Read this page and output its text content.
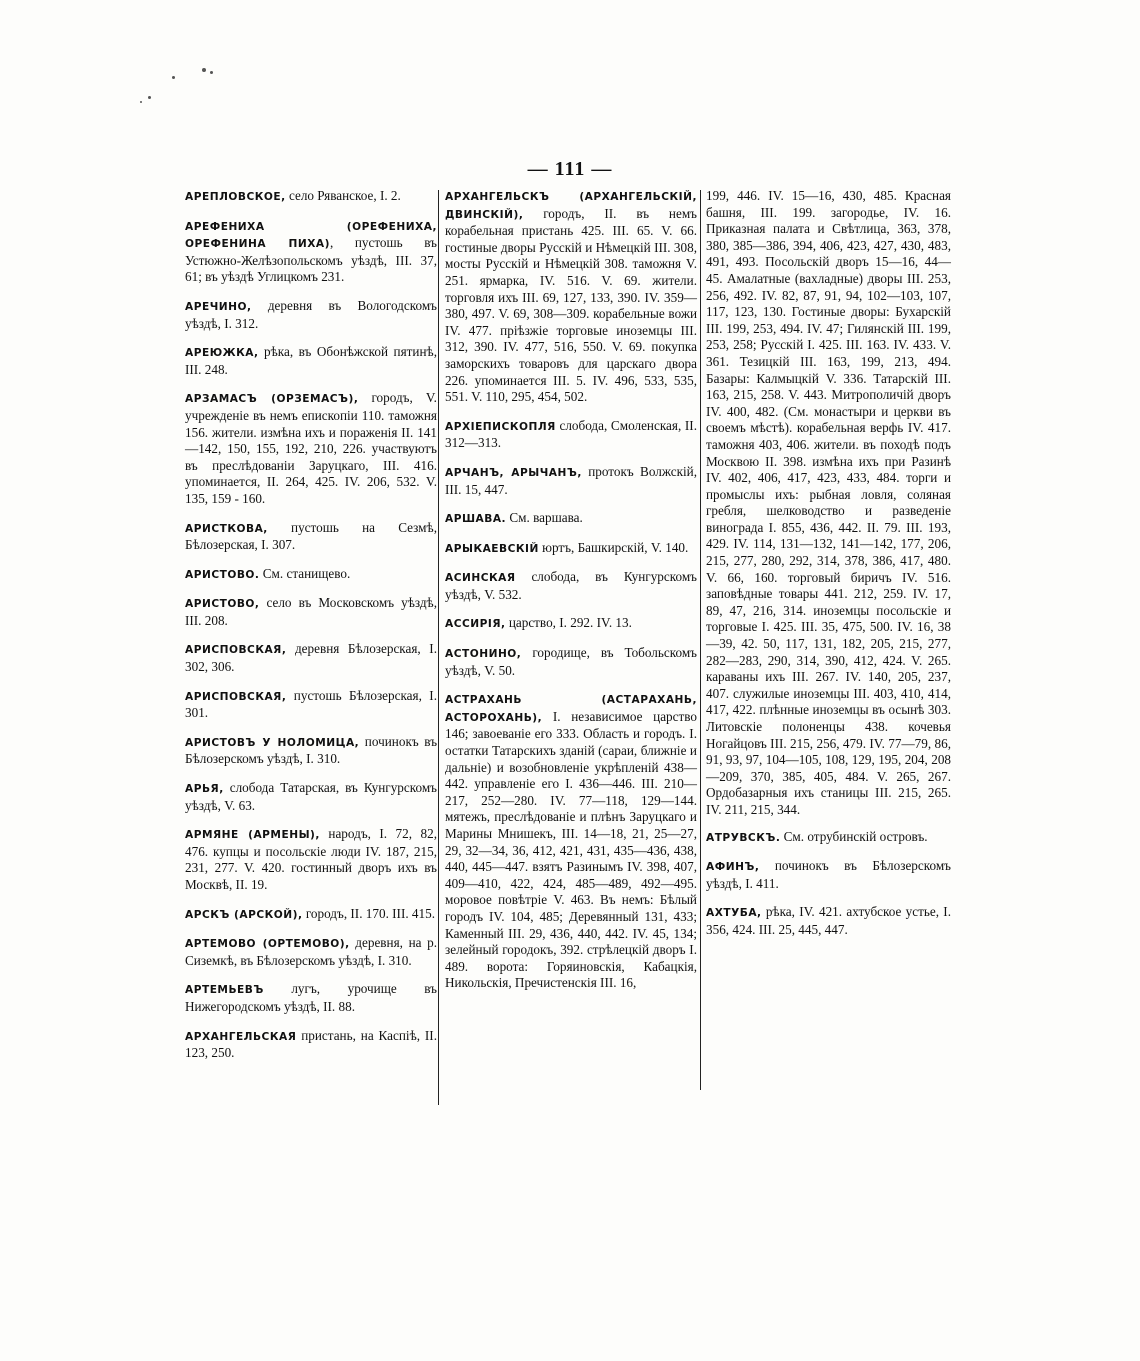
— 111 —

АРЕПЛОВСКОЕ, село Ряванское, I. 2.

АРЕФЕНИХА (ОРЕФЕНИХА, ОРЕФЕНИНА ПИХА), пустошь въ Устюжно-Желѣзопольскомъ уѣздѣ, III. 37, 61; въ уѣздѣ Углицкомъ 231.

АРЕЧИНО, деревня въ Вологодскомъ уѣздѣ, I. 312.

АРЕЮЖКА, рѣка, въ Обонѣжской пятинѣ, III. 248.

АРЗАМАСЪ (ОРЗЕМАСЪ), городъ, V. учрежденіе въ немъ епископіи 110. таможня 156. жители. измѣна ихъ и пораженія II. 141—142, 150, 155, 192, 210, 226. участвуютъ въ преслѣдованіи Заруцкаго, III. 416. упоминается, II. 264, 425. IV. 206, 532. V. 135, 159 - 160.

АРИСТКОВА, пустошь на Сезмѣ, Бѣлозерская, I. 307.

АРИСТОВО. См. станищево.

АРИСТОВО, село въ Московскомъ уѣздѣ, III. 208.

АРИСПОВСКАЯ, деревня Бѣлозерская, I. 302, 306.

АРИСПОВСКАЯ, пустошь Бѣлозерская, I. 301.

АРИСТОВЪ У НОЛОМИЦА, починокъ въ Бѣлозерскомъ уѣздѣ, I. 310.

АРЬЯ, слобода Татарская, въ Кунгурскомъ уѣздѣ, V. 63.

АРМЯНЕ (АРМЕНЫ), народъ, I. 72, 82, 476. купцы и посольскіе люди IV. 187, 215, 231, 277. V. 420. гостинный дворъ ихъ въ Москвѣ, II. 19.

АРСКЪ (АРСКОЙ), городъ, II. 170. III. 415.

АРТЕМОВО (ОРТЕМОВО), деревня, на р. Сиземкѣ, въ Бѣлозерскомъ уѣздѣ, I. 310.

АРТЕМЬЕВЪ лугъ, урочище въ Нижегородскомъ уѣздѣ, II. 88.

АРХАНГЕЛЬСКАЯ пристань, на Каспіѣ, II. 123, 250.

АРХАНГЕЛЬСКЪ (АРХАНГЕЛЬСКІЙ, ДВИНСКІЙ), городъ, II. въ немъ корабельная пристань 425. III. 65. V. 66. гостиные дворы Русскій и Нѣмецкій III. 308, мосты Русскій и Нѣмецкій 308. таможня V. 251. ярмарка, IV. 516. V. 69. жители. торговля ихъ III. 69, 127, 133, 390. IV. 359—380, 497. V. 69, 308—309. корабельные вожи IV. 477. пріѣзжіе торговые иноземцы III. 312, 390. IV. 477, 516, 550. V. 69. покупка заморскихъ товаровъ для царскаго двора 226. упоминается III. 5. IV. 496, 533, 535, 551. V. 110, 295, 454, 502.

АРХІЕПИСКОПЛЯ слобода, Смоленская, II. 312—313.

АРЧАНЪ, АРЫЧАНЪ, протокъ Волжскій, III. 15, 447.

АРШАВА. См. варшава.

АРЫКАЕВСКІЙ юртъ, Башкирскій, V. 140.

АСИНСКАЯ слобода, въ Кунгурскомъ уѣздѣ, V. 532.

АССИРІЯ, царство, I. 292. IV. 13.

АСТОНИНО, городище, въ Тобольскомъ уѣздѣ, V. 50.

АСТРАХАНЬ (АСТАРАХАНЬ, АСТОРОХАНЬ), I. независимое царство 146; завоеваніе его 333. Область и городъ. I. остатки Татарскихъ зданій (сараи, ближніе и дальніе) и возобновленіе укрѣпленій 438—442. управленіе его I. 436—446. III. 210—217, 252—280. IV. 77—118, 129—144. мятежъ, преслѣдованіе и плѣнъ Заруцкаго и Марины Мнишекъ, III. 14—18, 21, 25—27, 29, 32—34, 36, 412, 421, 431, 435—436, 438, 440, 445—447. взятъ Разинымъ IV. 398, 407, 409—410, 422, 424, 485—489, 492—495. моровое повѣтріе V. 463. Въ немъ: Бѣлый городъ IV. 104, 485; Деревянный 131, 433; Каменный III. 29, 436, 440, 442. IV. 45, 134; зелейный городокъ, 392. стрѣлецкій дворъ I. 489. ворота: Горяиновскія, Кабацкія, Никольскія, Пречистенскія III. 16,

199, 446. IV. 15—16, 430, 485. Красная башня, III. 199. загородье, IV. 16. Приказная палата и Свѣтлица, 363, 378, 380, 385—386, 394, 406, 423, 427, 430, 483, 491, 493. Посольскій дворъ 15—16, 44—45. Амалатные (вахладные) дворы III. 253, 256, 492. IV. 82, 87, 91, 94, 102—103, 107, 117, 123, 130. Гостиные дворы: Бухарскій III. 199, 253, 494. IV. 47; Гилянскій III. 199, 253, 258; Русскій I. 425. III. 163. IV. 433. V. 361. Тезицкій III. 163, 199, 213, 494. Базары: Калмыцкій V. 336. Татарскій III. 163, 215, 258. V. 443. Митрополичій дворъ IV. 400, 482. (См. монастыри и церкви въ своемъ мѣстѣ). корабельная верфь IV. 417. таможня 403, 406. жители. въ походѣ подъ Москвою II. 398. измѣна ихъ при Разинѣ IV. 402, 406, 417, 423, 433, 484. торги и промыслы ихъ: рыбная ловля, соляная гребля, шелководство и разведеніе винограда I. 855, 436, 442. II. 79. III. 193, 429. IV. 114, 131—132, 141—142, 177, 206, 215, 277, 280, 292, 314, 378, 386, 417, 480. V. 66, 160. торговый биричъ IV. 516. заповѣдные товары 441. 212, 259. IV. 17, 89, 47, 216, 314. иноземцы посольскіе и торговые I. 425. III. 35, 475, 500. IV. 16, 38—39, 42. 50, 117, 131, 182, 205, 215, 277, 282—283, 290, 314, 390, 412, 424. V. 265. караваны ихъ III. 267. IV. 140, 205, 237, 407. служилые иноземцы III. 403, 410, 414, 417, 422. плѣнные иноземцы въ осынѣ 303. Литовскіе полоненцы 438. кочевья Ногайцовъ III. 215, 256, 479. IV. 77—79, 86, 91, 93, 97, 104—105, 108, 129, 195, 204, 208—209, 370, 385, 405, 484. V. 265, 267. Ордобазарныя ихъ станицы III. 215, 265. IV. 211, 215, 344.

АТРУВСКЪ. См. отрубинскій островъ.

АФИНЪ, починокъ въ Бѣлозерскомъ уѣздѣ, I. 411.

АХТУБА, рѣка, IV. 421. ахтубское устье, I. 356, 424. III. 25, 445, 447.
